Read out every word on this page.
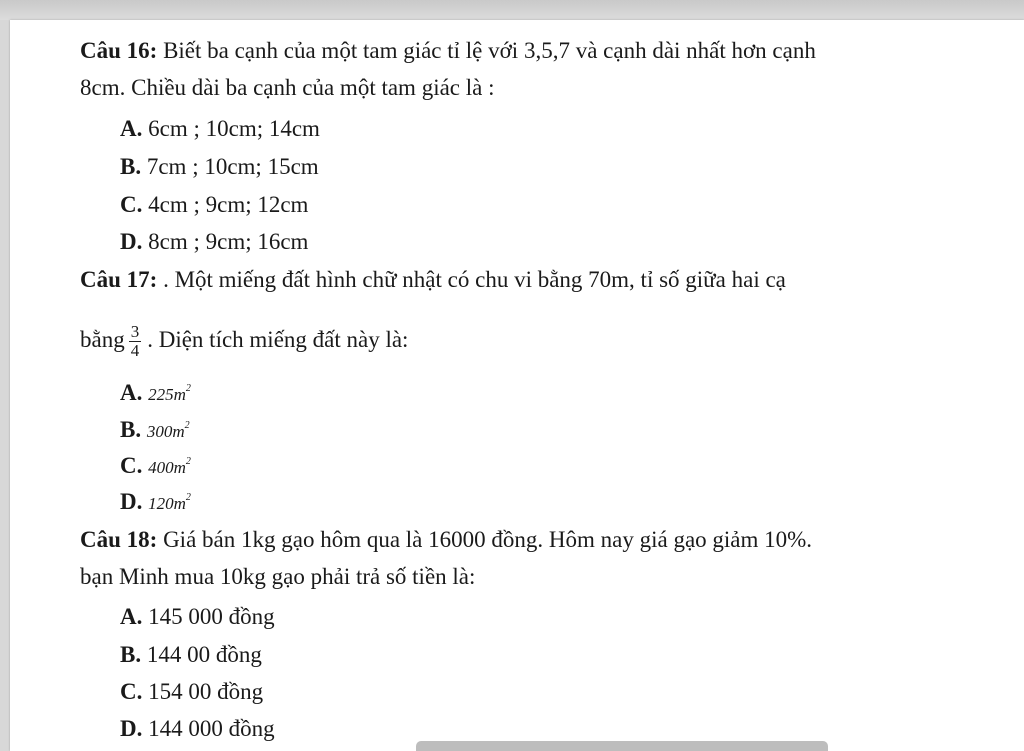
Câu 16: Biết ba cạnh của một tam giác tỉ lệ với 3,5,7 và cạnh dài nhất hơn cạnh
8cm. Chiều dài ba cạnh của một tam giác là :
A. 6cm ; 10cm; 14cm
B. 7cm ; 10cm; 15cm
C. 4cm ; 9cm; 12cm
D. 8cm ; 9cm; 16cm
Câu 17: . Một miếng đất hình chữ nhật có chu vi bằng 70m, tỉ số giữa hai cạ
bằng $\frac{3}{4}$ . Diện tích miếng đất này là:
A. $225m^2$
B. $300m^2$
C. $400m^2$
D. $120m^2$
Câu 18: Giá bán 1kg gạo hôm qua là 16000 đồng. Hôm nay giá gạo giảm 10%.
bạn Minh mua 10kg gạo phải trả số tiền là:
A. 145 000 đồng
B. 144 00 đồng
C. 154 00 đồng
D. 144 000 đồng
